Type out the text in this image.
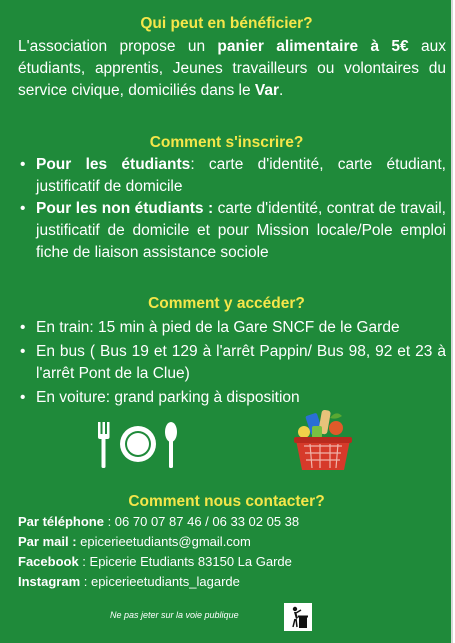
Qui peut en bénéficier?
L'association propose un panier alimentaire à 5€ aux étudiants, apprentis, Jeunes travailleurs ou volontaires du service civique, domiciliés dans le Var.
Comment s'inscrire?
• Pour les étudiants: carte d'identité, carte étudiant, justificatif de domicile
• Pour les non étudiants : carte d'identité, contrat de travail, justificatif de domicile et pour Mission locale/Pole emploi fiche de liaison assistance sociole
Comment y accéder?
• En train: 15 min à pied de la Gare SNCF de le Garde
• En bus ( Bus 19 et 129 à l'arrêt Pappin/ Bus 98, 92 et 23 à l'arrêt Pont de la Clue)
• En voiture: grand parking à disposition
Comment nous contacter?
Par téléphone : 06 70 07 87 46 / 06 33 02 05 38
Par mail : epicerieetudiants@gmail.com
Facebook : Epicerie Etudiants 83150 La Garde
Instagram : epicerieetudiants_lagarde
Ne pas jeter sur la voie publique
